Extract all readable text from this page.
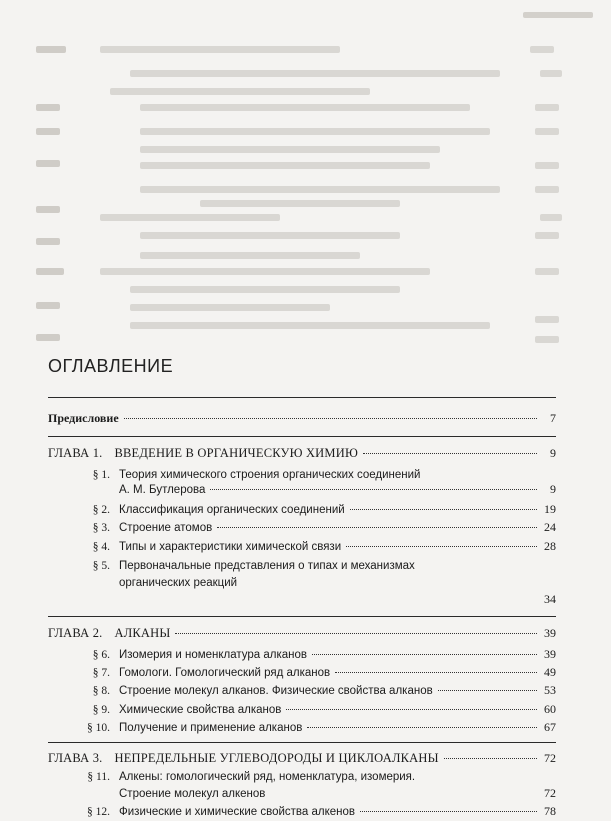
ОГЛАВЛЕНИЕ
Предисловие	7
ГЛАВА 1. ВВЕДЕНИЕ В ОРГАНИЧЕСКУЮ ХИМИЮ	9
§ 1. Теория химического строения органических соединений
А. М. Бутлерова	9
§ 2. Классификация органических соединений	19
§ 3. Строение атомов	24
§ 4. Типы и характеристики химической связи	28
§ 5. Первоначальные представления о типах и механизмах
органических реакций
34
ГЛАВА 2. АЛКАНЫ	39
§ 6. Изомерия и номенклатура алканов	39
§ 7. Гомологи. Гомологический ряд алканов	49
§ 8. Строение молекул алканов. Физические свойства алканов	53
§ 9. Химические свойства алканов	60
§ 10. Получение и применение алканов	67
ГЛАВА 3. НЕПРЕДЕЛЬНЫЕ УГЛЕВОДОРОДЫ И ЦИКЛОАЛКАНЫ	72
§ 11. Алкены: гомологический ряд, номенклатура, изомерия.
Строение молекул алкенов	72
§ 12. Физические и химические свойства алкенов	78
